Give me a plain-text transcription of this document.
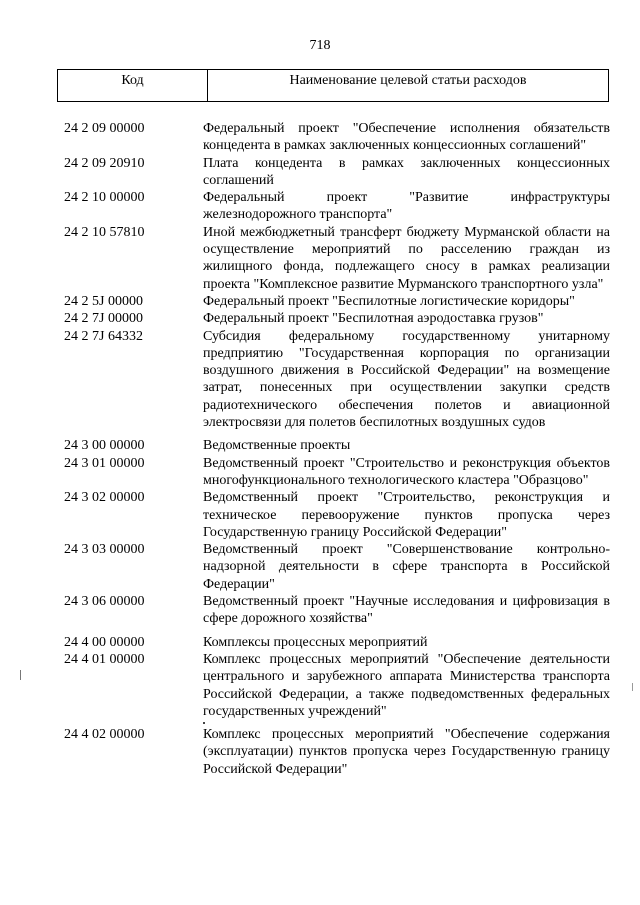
718
Код	Наименование целевой статьи расходов
24 2 09 00000	Федеральный проект "Обеспечение исполнения обязательств концедента в рамках заключенных концессионных соглашений"
24 2 09 20910	Плата концедента в рамках заключенных концессионных соглашений
24 2 10 00000	Федеральный проект "Развитие инфраструктуры железнодорожного транспорта"
24 2 10 57810	Иной межбюджетный трансферт бюджету Мурманской области на осуществление мероприятий по расселению граждан из жилищного фонда, подлежащего сносу в рамках реализации проекта "Комплексное развитие Мурманского транспортного узла"
24 2 5J 00000	Федеральный проект "Беспилотные логистические коридоры"
24 2 7J 00000	Федеральный проект "Беспилотная аэродоставка грузов"
24 2 7J 64332	Субсидия федеральному государственному унитарному предприятию "Государственная корпорация по организации воздушного движения в Российской Федерации" на возмещение затрат, понесенных при осуществлении закупки средств радиотехнического обеспечения полетов и авиационной электросвязи для полетов беспилотных воздушных судов
24 3 00 00000	Ведомственные проекты
24 3 01 00000	Ведомственный проект "Строительство и реконструкция объектов многофункционального технологического кластера "Образцово"
24 3 02 00000	Ведомственный проект "Строительство, реконструкция и техническое перевооружение пунктов пропуска через Государственную границу Российской Федерации"
24 3 03 00000	Ведомственный проект "Совершенствование контрольно-надзорной деятельности в сфере транспорта в Российской Федерации"
24 3 06 00000	Ведомственный проект "Научные исследования и цифровизация в сфере дорожного хозяйства"
24 4 00 00000	Комплексы процессных мероприятий
24 4 01 00000	Комплекс процессных мероприятий "Обеспечение деятельности центрального и зарубежного аппарата Министерства транспорта Российской Федерации, а также подведомственных федеральных государственных учреждений"
24 4 02 00000	Комплекс процессных мероприятий "Обеспечение содержания (эксплуатации) пунктов пропуска через Государственную границу Российской Федерации"
